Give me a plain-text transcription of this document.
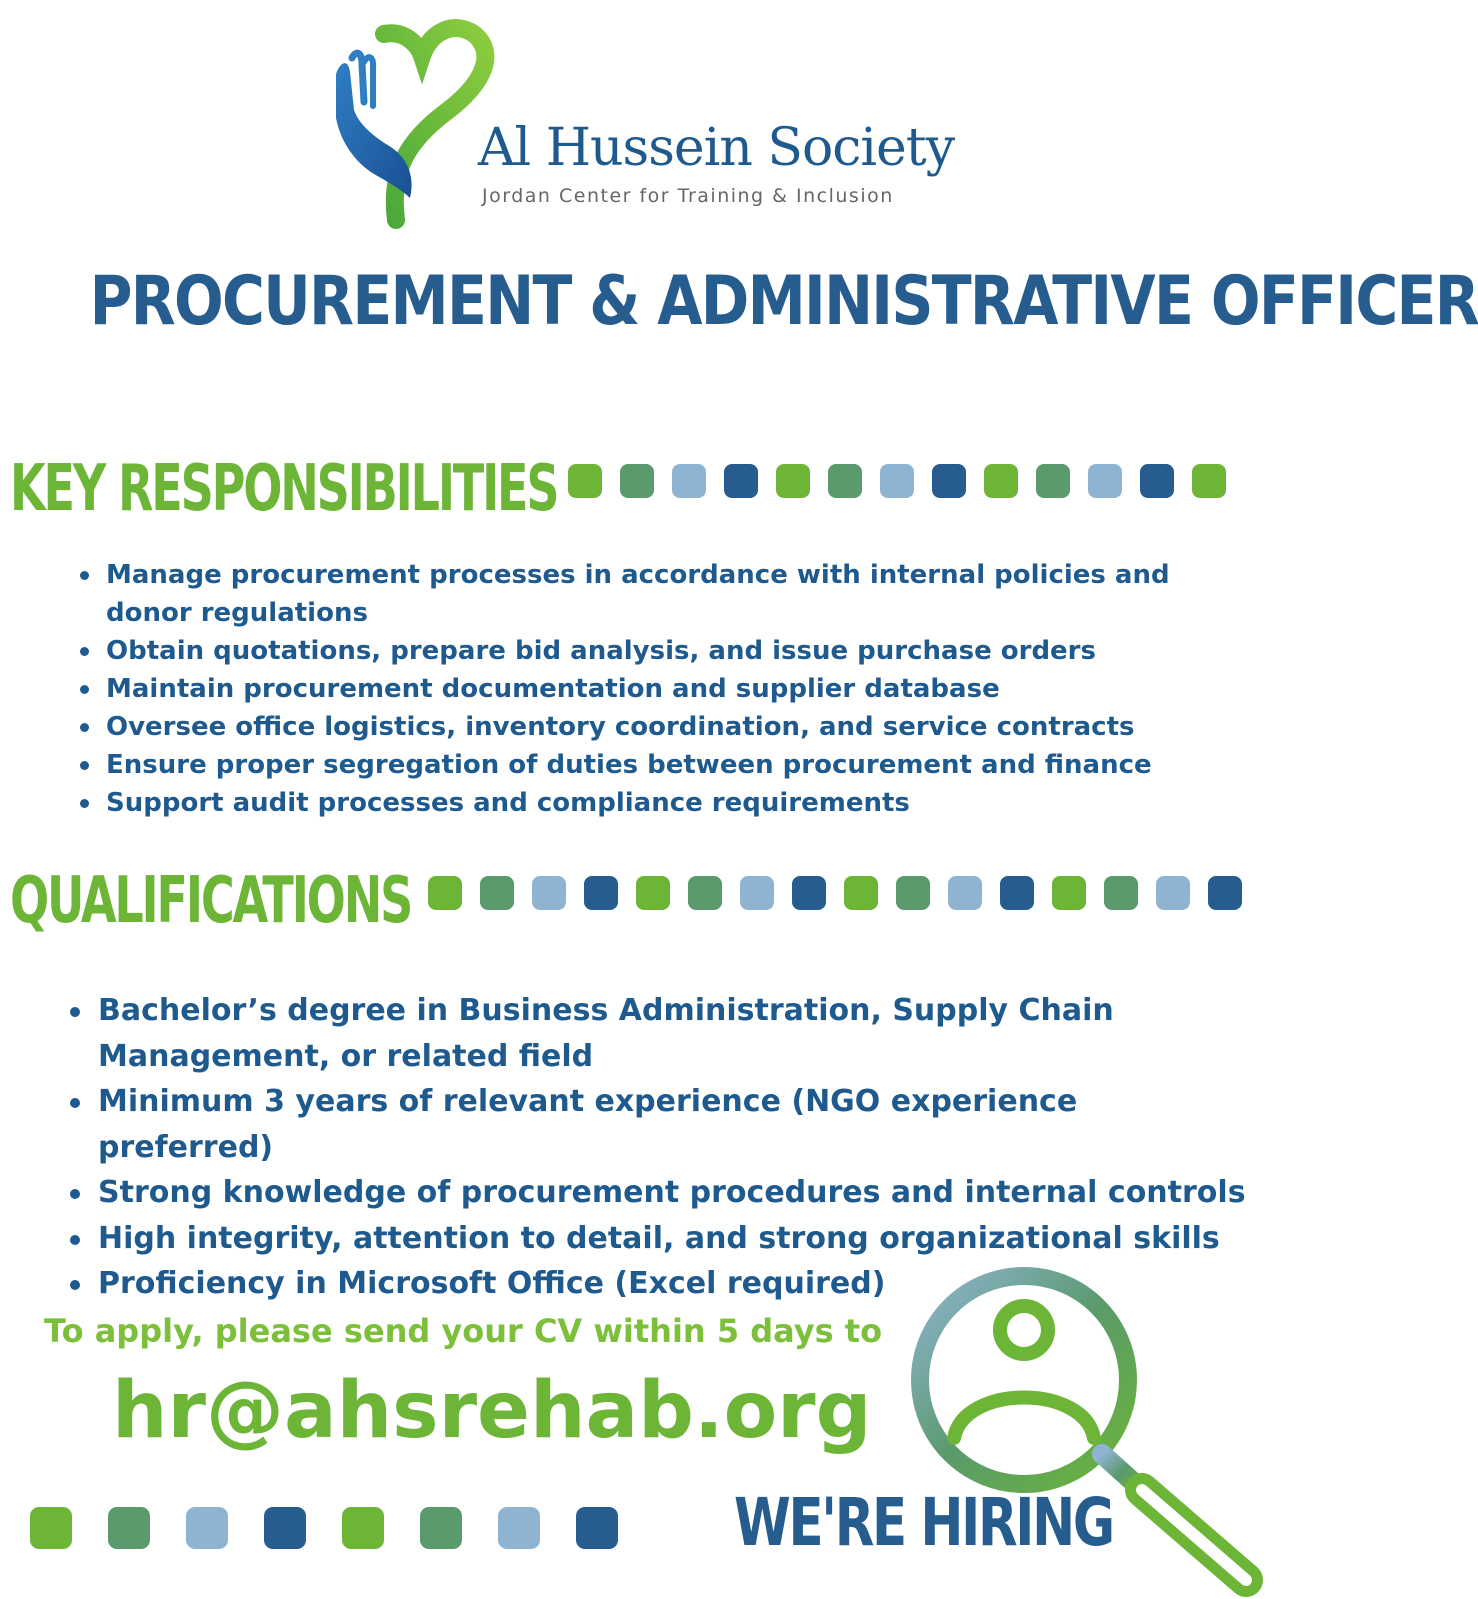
Al Hussein Society
Jordan Center for Training & Inclusion
PROCUREMENT & ADMINISTRATIVE OFFICER
KEY RESPONSIBILITIES
Manage procurement processes in accordance with internal policies and donor regulations
Obtain quotations, prepare bid analysis, and issue purchase orders
Maintain procurement documentation and supplier database
Oversee office logistics, inventory coordination, and service contracts
Ensure proper segregation of duties between procurement and finance
Support audit processes and compliance requirements
QUALIFICATIONS
Bachelor’s degree in Business Administration, Supply Chain Management, or related field
Minimum 3 years of relevant experience (NGO experience preferred)
Strong knowledge of procurement procedures and internal controls
High integrity, attention to detail, and strong organizational skills
Proficiency in Microsoft Office (Excel required)
To apply, please send your CV within 5 days to
hr@ahsrehab.org
WE'RE HIRING
